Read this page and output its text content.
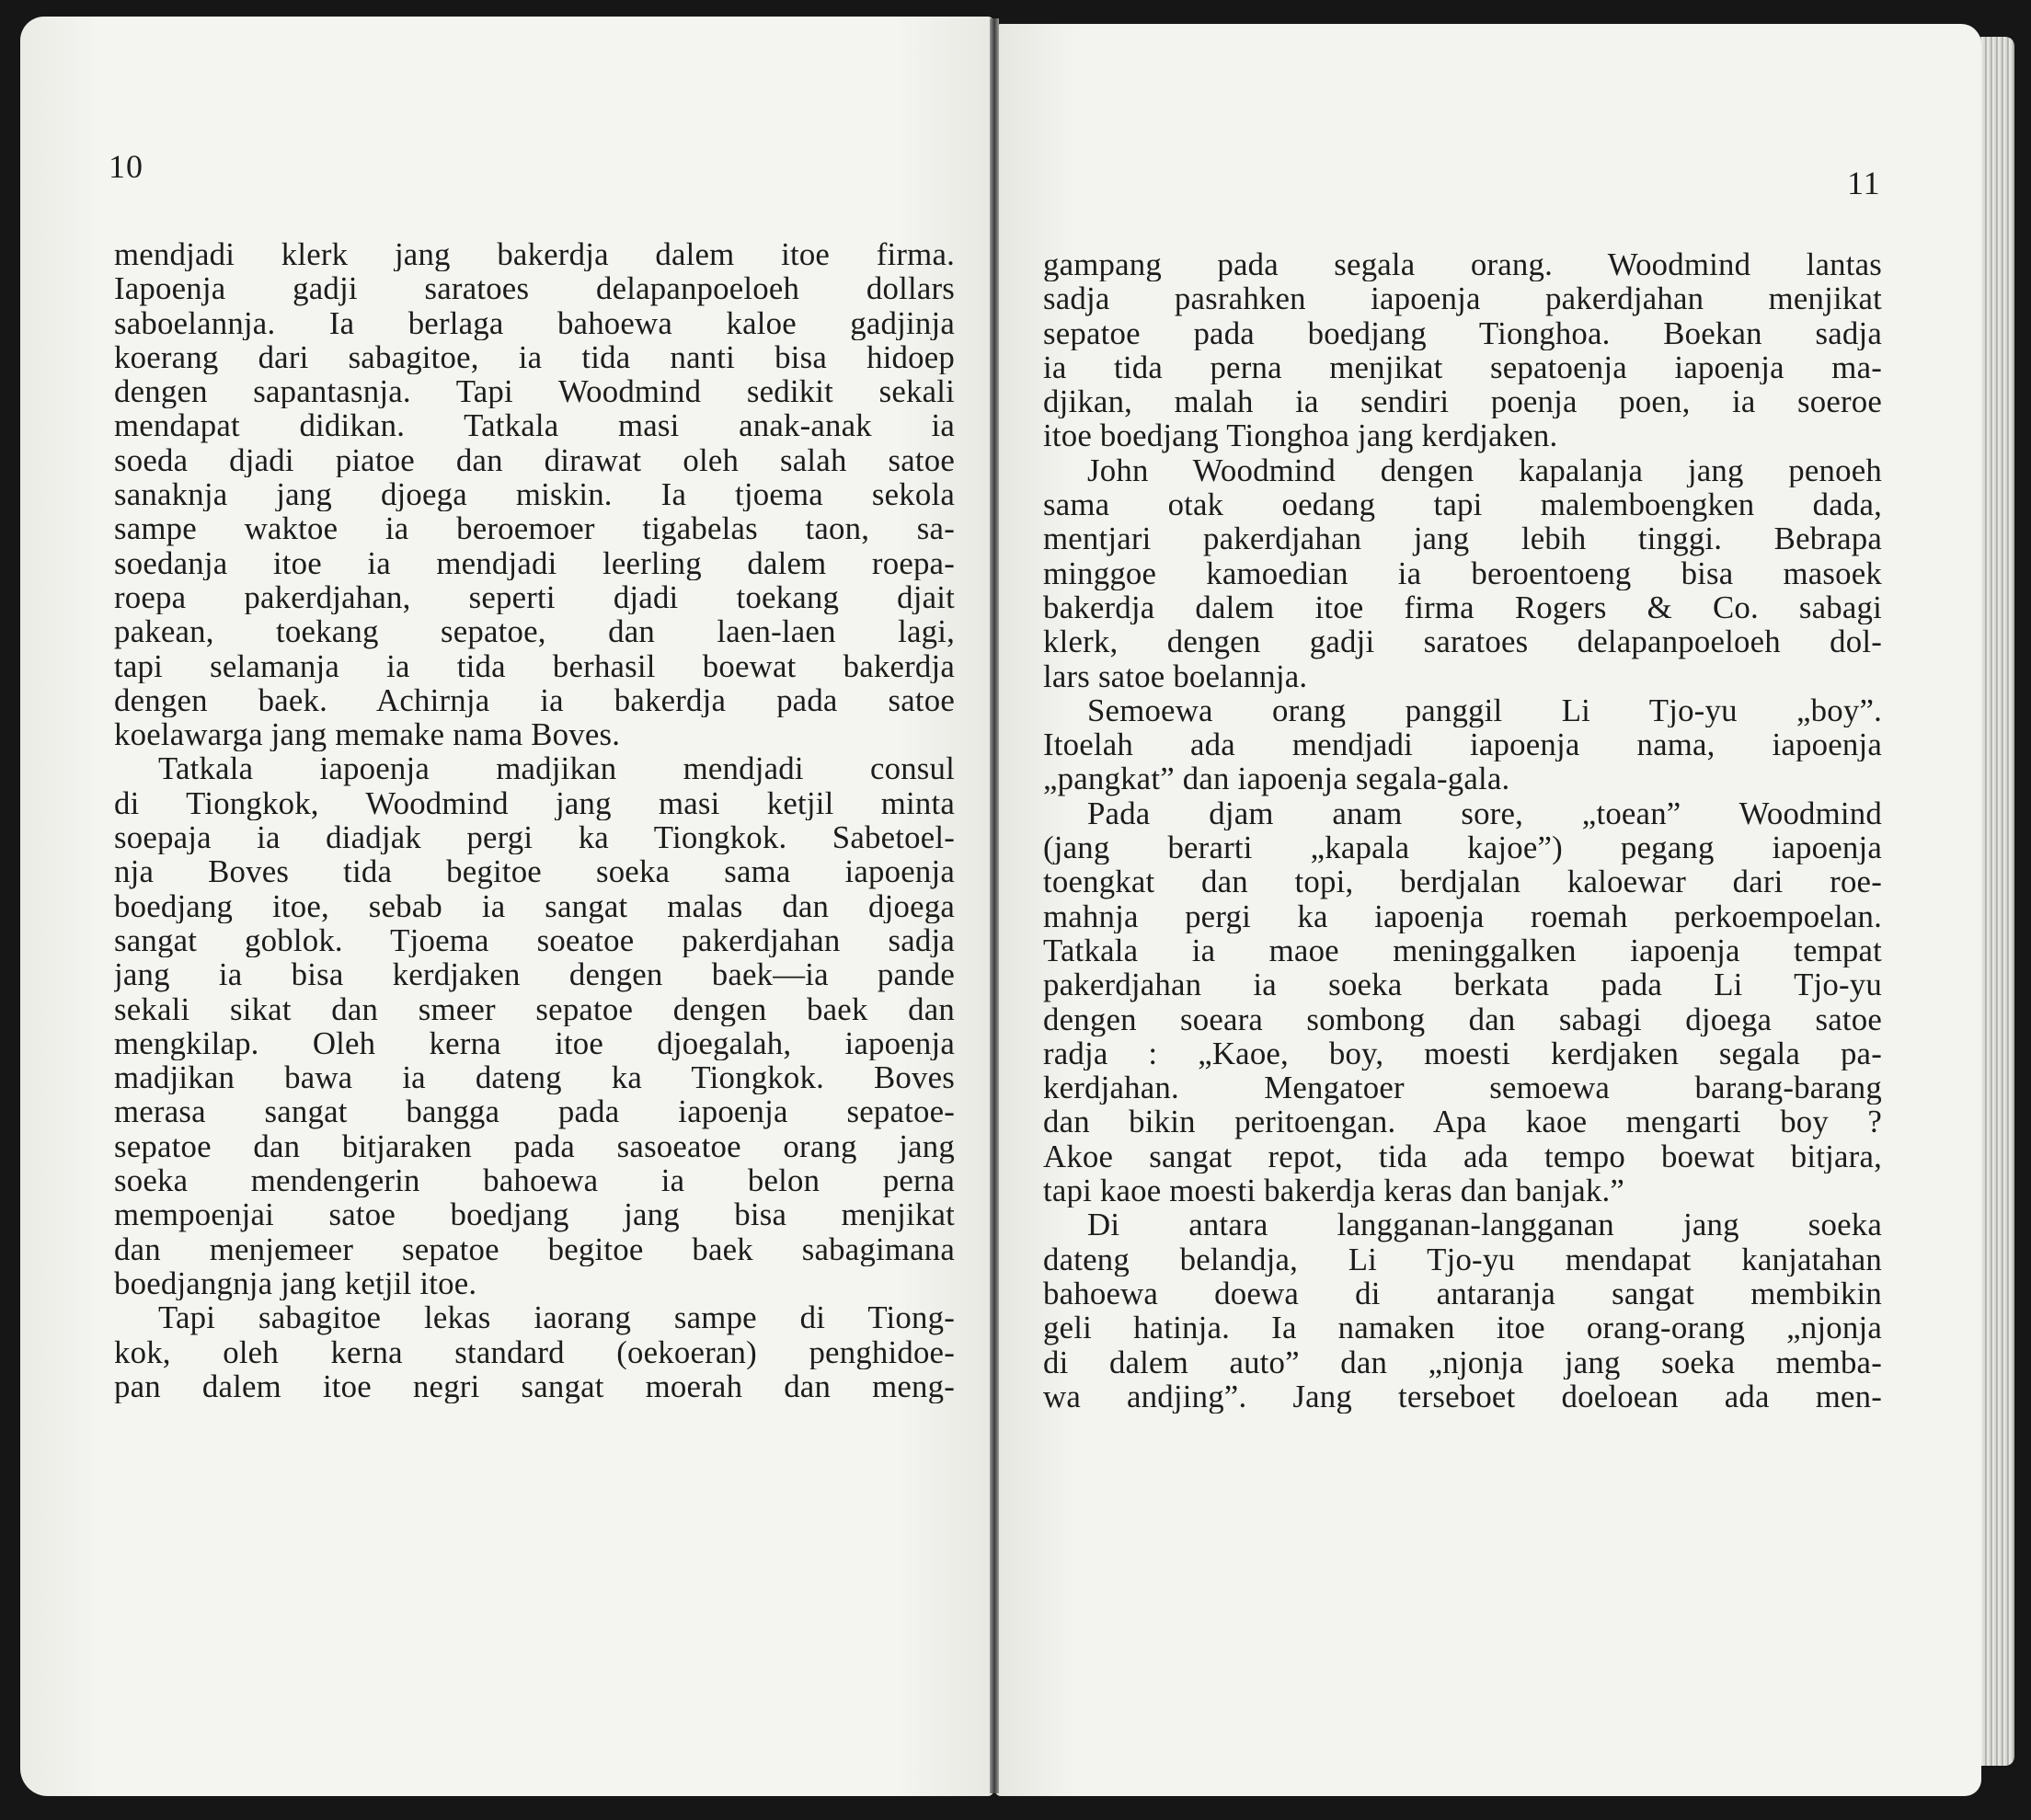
10	11
mendjadi klerk jang bakerdja dalem itoe firma.
Iapoenja gadji saratoes delapanpoeloeh dollars
saboelannja. Ia berlaga bahoewa kaloe gadjinja
koerang dari sabagitoe, ia tida nanti bisa hidoep
dengen sapantasnja. Tapi Woodmind sedikit sekali
mendapat didikan. Tatkala masi anak-anak ia
soeda djadi piatoe dan dirawat oleh salah satoe
sanaknja jang djoega miskin. Ia tjoema sekola
sampe waktoe ia beroemoer tigabelas taon, sa-
soedanja itoe ia mendjadi leerling dalem roepa-
roepa pakerdjahan, seperti djadi toekang djait
pakean, toekang sepatoe, dan laen-laen lagi,
tapi selamanja ia tida berhasil boewat bakerdja
dengen baek. Achirnja ia bakerdja pada satoe
koelawarga jang memake nama Boves.
Tatkala iapoenja madjikan mendjadi consul
di Tiongkok, Woodmind jang masi ketjil minta
soepaja ia diadjak pergi ka Tiongkok. Sabetoel-
nja Boves tida begitoe soeka sama iapoenja
boedjang itoe, sebab ia sangat malas dan djoega
sangat goblok. Tjoema soeatoe pakerdjahan sadja
jang ia bisa kerdjaken dengen baek—ia pande
sekali sikat dan smeer sepatoe dengen baek dan
mengkilap. Oleh kerna itoe djoegalah, iapoenja
madjikan bawa ia dateng ka Tiongkok. Boves
merasa sangat bangga pada iapoenja sepatoe-
sepatoe dan bitjaraken pada sasoeatoe orang jang
soeka mendengerin bahoewa ia belon perna
mempoenjai satoe boedjang jang bisa menjikat
dan menjemeer sepatoe begitoe baek sabagimana
boedjangnja jang ketjil itoe.
Tapi sabagitoe lekas iaorang sampe di Tiong-
kok, oleh kerna standard (oekoeran) penghidoe-
pan dalem itoe negri sangat moerah dan meng-
gampang pada segala orang. Woodmind lantas
sadja pasrahken iapoenja pakerdjahan menjikat
sepatoe pada boedjang Tionghoa. Boekan sadja
ia tida perna menjikat sepatoenja iapoenja ma-
djikan, malah ia sendiri poenja poen, ia soeroe
itoe boedjang Tionghoa jang kerdjaken.
John Woodmind dengen kapalanja jang penoeh
sama otak oedang tapi malemboengken dada,
mentjari pakerdjahan jang lebih tinggi. Bebrapa
minggoe kamoedian ia beroentoeng bisa masoek
bakerdja dalem itoe firma Rogers & Co. sabagi
klerk, dengen gadji saratoes delapanpoeloeh dol-
lars satoe boelannja.
Semoewa orang panggil Li Tjo-yu „boy”.
Itoelah ada mendjadi iapoenja nama, iapoenja
„pangkat” dan iapoenja segala-gala.
Pada djam anam sore, „toean” Woodmind
(jang berarti „kapala kajoe”) pegang iapoenja
toengkat dan topi, berdjalan kaloewar dari roe-
mahnja pergi ka iapoenja roemah perkoempoelan.
Tatkala ia maoe meninggalken iapoenja tempat
pakerdjahan ia soeka berkata pada Li Tjo-yu
dengen soeara sombong dan sabagi djoega satoe
radja : „Kaoe, boy, moesti kerdjaken segala pa-
kerdjahan. Mengatoer semoewa barang-barang
dan bikin peritoengan. Apa kaoe mengarti boy ?
Akoe sangat repot, tida ada tempo boewat bitjara,
tapi kaoe moesti bakerdja keras dan banjak.”
Di antara langganan-langganan jang soeka
dateng belandja, Li Tjo-yu mendapat kanjatahan
bahoewa doewa di antaranja sangat membikin
geli hatinja. Ia namaken itoe orang-orang „njonja
di dalem auto” dan „njonja jang soeka memba-
wa andjing”. Jang terseboet doeloean ada men-
